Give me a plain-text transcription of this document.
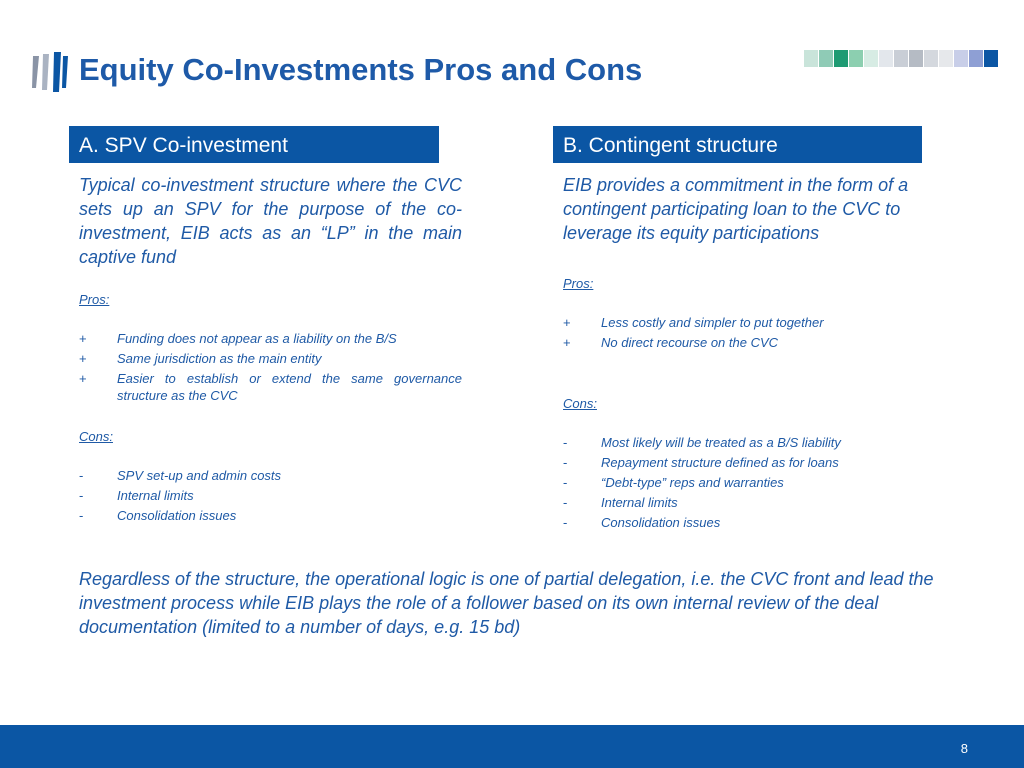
Equity Co-Investments Pros and Cons
A. SPV Co-investment
Typical co-investment structure where the CVC sets up an SPV for the purpose of the co-investment, EIB acts as an “LP” in the main captive fund
Pros:
+ Funding does not appear as a liability on the B/S
+ Same jurisdiction as the main entity
+ Easier to establish or extend the same governance structure as the CVC
Cons:
-	SPV set-up and admin costs
-	Internal limits
-	Consolidation issues
B. Contingent structure
EIB provides a commitment in the form of a contingent participating loan to the CVC to leverage its equity participations
Pros:
+ Less costly and simpler to put together
+ No direct recourse on the CVC
Cons:
-	Most likely will be treated as a B/S liability
-	Repayment structure defined as for loans
-	“Debt-type” reps and warranties
-	Internal limits
-	Consolidation issues
Regardless of the structure, the operational logic is one of partial delegation, i.e. the CVC front and lead the investment process while EIB plays the role of a follower based on its own internal review of the deal documentation (limited to a number of days, e.g. 15 bd)
8
